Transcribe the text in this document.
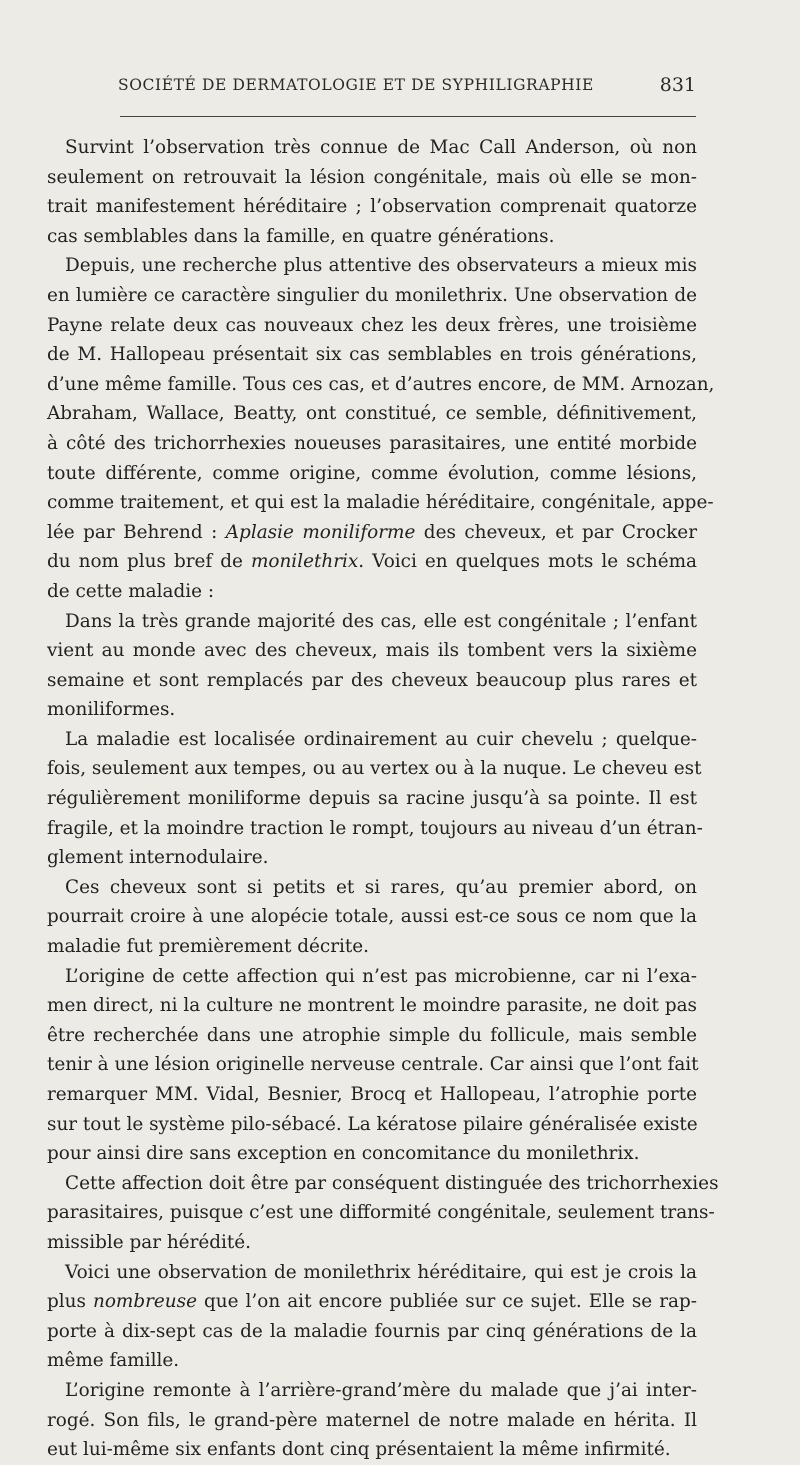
SOCIÉTÉ DE DERMATOLOGIE ET DE SYPHILIGRAPHIE	831
Survint l’observation très connue de Mac Call Anderson, où non
seulement on retrouvait la lésion congénitale, mais où elle se mon-
trait manifestement héréditaire ; l’observation comprenait quatorze
cas semblables dans la famille, en quatre générations.
Depuis, une recherche plus attentive des observateurs a mieux mis
en lumière ce caractère singulier du monilethrix. Une observation de
Payne relate deux cas nouveaux chez les deux frères, une troisième
de M. Hallopeau présentait six cas semblables en trois générations,
d’une même famille. Tous ces cas, et d’autres encore, de MM. Arnozan,
Abraham, Wallace, Beatty, ont constitué, ce semble, définitivement,
à côté des trichorrhexies noueuses parasitaires, une entité morbide
toute différente, comme origine, comme évolution, comme lésions,
comme traitement, et qui est la maladie héréditaire, congénitale, appe-
lée par Behrend : Aplasie moniliforme des cheveux, et par Crocker
du nom plus bref de monilethrix. Voici en quelques mots le schéma
de cette maladie :
Dans la très grande majorité des cas, elle est congénitale ; l’enfant
vient au monde avec des cheveux, mais ils tombent vers la sixième
semaine et sont remplacés par des cheveux beaucoup plus rares et
moniliformes.
La maladie est localisée ordinairement au cuir chevelu ; quelque-
fois, seulement aux tempes, ou au vertex ou à la nuque. Le cheveu est
régulièrement moniliforme depuis sa racine jusqu’à sa pointe. Il est
fragile, et la moindre traction le rompt, toujours au niveau d’un étran-
glement internodulaire.
Ces cheveux sont si petits et si rares, qu’au premier abord, on
pourrait croire à une alopécie totale, aussi est-ce sous ce nom que la
maladie fut premièrement décrite.
L’origine de cette affection qui n’est pas microbienne, car ni l’exa-
men direct, ni la culture ne montrent le moindre parasite, ne doit pas
être recherchée dans une atrophie simple du follicule, mais semble
tenir à une lésion originelle nerveuse centrale. Car ainsi que l’ont fait
remarquer MM. Vidal, Besnier, Brocq et Hallopeau, l’atrophie porte
sur tout le système pilo-sébacé. La kératose pilaire généralisée existe
pour ainsi dire sans exception en concomitance du monilethrix.
Cette affection doit être par conséquent distinguée des trichorrhexies
parasitaires, puisque c’est une difformité congénitale, seulement trans-
missible par hérédité.
Voici une observation de monilethrix héréditaire, qui est je crois la
plus nombreuse que l’on ait encore publiée sur ce sujet. Elle se rap-
porte à dix-sept cas de la maladie fournis par cinq générations de la
même famille.
L’origine remonte à l’arrière-grand’mère du malade que j’ai inter-
rogé. Son fils, le grand-père maternel de notre malade en hérita. Il
eut lui-même six enfants dont cinq présentaient la même infirmité.
